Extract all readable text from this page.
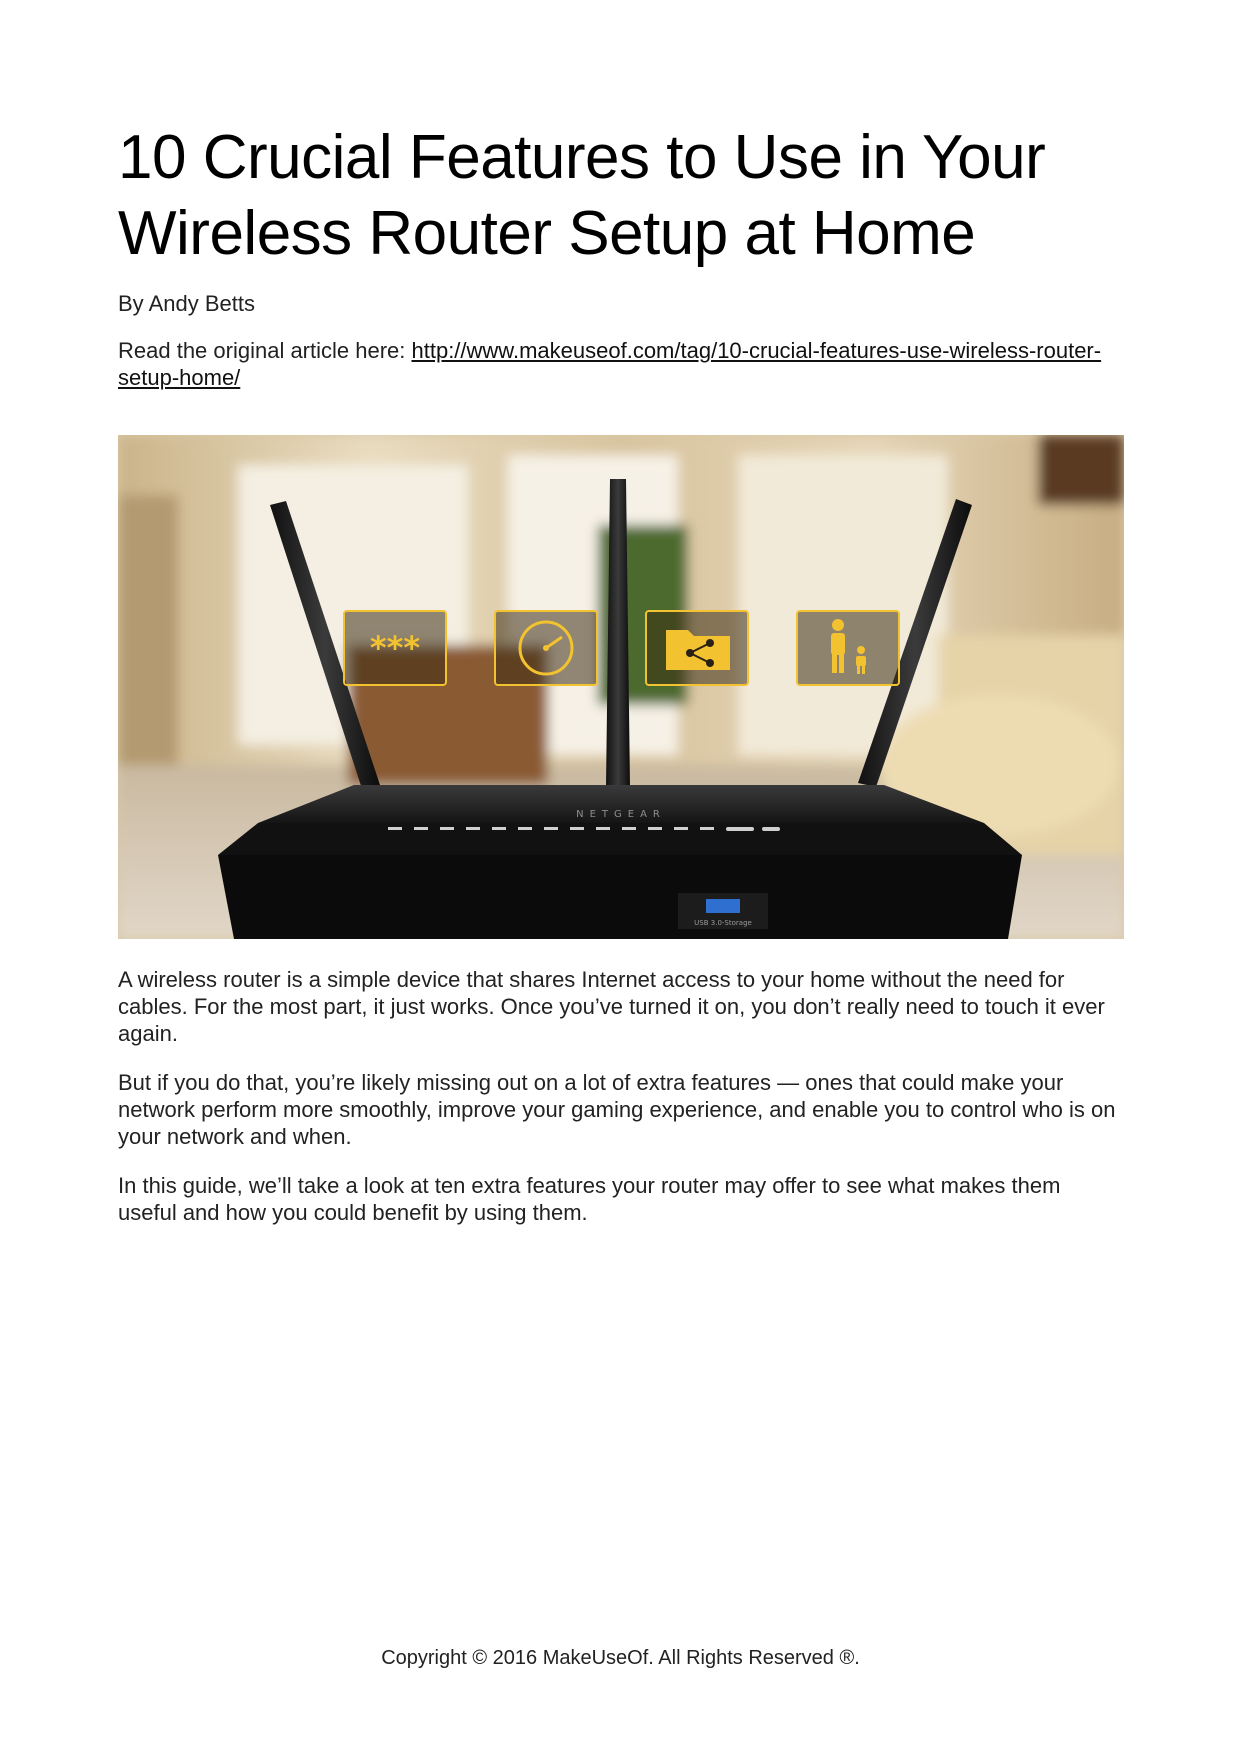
10 Crucial Features to Use in Your
Wireless Router Setup at Home
By Andy Betts
Read the original article here: http://www.makeuseof.com/tag/10-crucial-features-use-wireless-router-setup-home/
***
NETGEAR
USB 3.0-Storage

A wireless router is a simple device that shares Internet access to your home without the need for cables. For the most part, it just works. Once you’ve turned it on, you don’t really need to touch it ever again.

But if you do that, you’re likely missing out on a lot of extra features — ones that could make your network perform more smoothly, improve your gaming experience, and enable you to control who is on your network and when.

In this guide, we’ll take a look at ten extra features your router may offer to see what makes them useful and how you could benefit by using them.

Copyright © 2016 MakeUseOf. All Rights Reserved ®.
